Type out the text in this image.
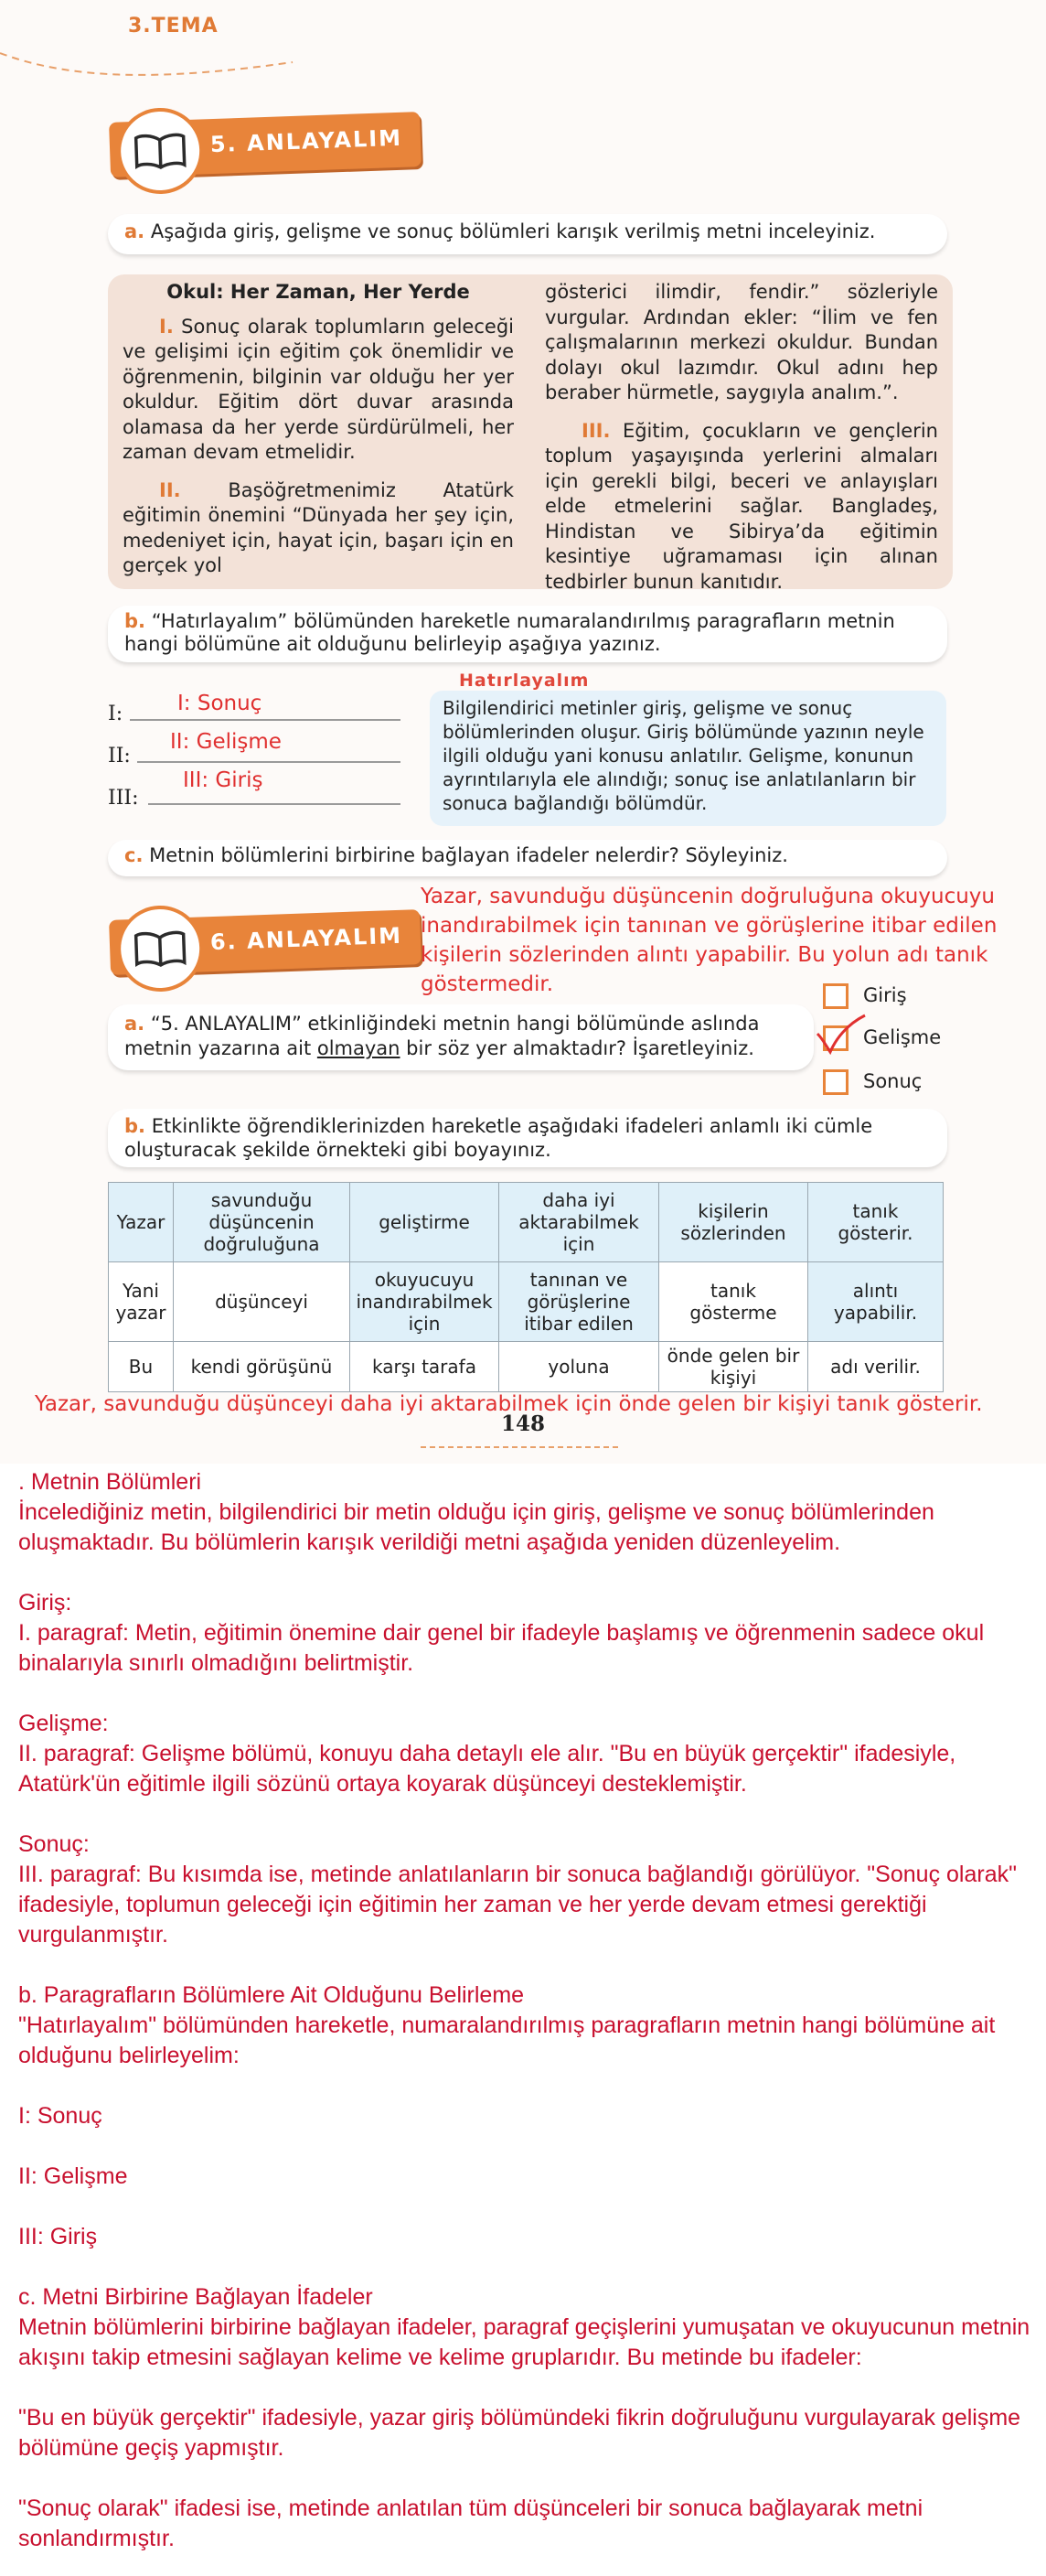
3.TEMA
5. ANLAYALIM
a. Aşağıda giriş, gelişme ve sonuç bölümleri karışık verilmiş metni inceleyiniz.
Okul: Her Zaman, Her Yerde
I. Sonuç olarak toplumların geleceği ve gelişimi için eğitim çok önemlidir ve öğrenmenin, bilginin var olduğu her yer okuldur. Eğitim dört duvar arasında olamasa da her yerde sürdürülmeli, her zaman devam etmelidir.
II. Başöğretmenimiz Atatürk eğitimin önemini “Dünyada her şey için, medeniyet için, hayat için, başarı için en gerçek yol
gösterici ilimdir, fendir.” sözleriyle vurgular. Ardından ekler: “İlim ve fen çalışmalarının merkezi okuldur. Bundan dolayı okul lazımdır. Okul adını hep beraber hürmetle, saygıyla analım.”.
III. Eğitim, çocukların ve gençlerin toplum yaşayışında yerlerini almaları için gerekli bilgi, beceri ve anlayışları elde etmelerini sağlar. Bangladeş, Hindistan ve Sibirya’da eğitimin kesintiye uğramaması için alınan tedbirler bunun kanıtıdır.
b. “Hatırlayalım” bölümünden hareketle numaralandırılmış paragrafların metnin hangi bölümüne ait olduğunu belirleyip aşağıya yazınız.
I:	I: Sonuç
II:
II: Gelişme
III:
III: Giriş
Hatırlayalım
Bilgilendirici metinler giriş, gelişme ve sonuç bölümlerinden oluşur. Giriş bölümünde yazının neyle ilgili olduğu yani konusu anlatılır. Gelişme, konunun ayrıntılarıyla ele alındığı; sonuç ise anlatılanların bir sonuca bağlandığı bölümdür.
c. Metnin bölümlerini birbirine bağlayan ifadeler nelerdir? Söyleyiniz.
6. ANLAYALIM
Yazar, savunduğu düşüncenin doğruluğuna okuyucuyu inandırabilmek için tanınan ve görüşlerine itibar edilen kişilerin sözlerinden alıntı yapabilir. Bu yolun adı tanık göstermedir.
a. “5. ANLAYALIM” etkinliğindeki metnin hangi bölümünde aslında metnin yazarına ait olmayan bir söz yer almaktadır? İşaretleyiniz.
Giriş
Gelişme
Sonuç
b. Etkinlikte öğrendiklerinizden hareketle aşağıdaki ifadeleri anlamlı iki cümle oluşturacak şekilde örnekteki gibi boyayınız.
Yazar	savunduğu düşüncenin doğruluğuna	geliştirme	daha iyi aktarabilmek için	kişilerin sözlerinden	tanık gösterir.
Yani yazar	düşünceyi	okuyucuyu inandırabilmek için	tanınan ve görüşlerine itibar edilen	tanık gösterme	alıntı yapabilir.
Bu	kendi görüşünü	karşı tarafa	yoluna	önde gelen bir kişiyi	adı verilir.
Yazar, savunduğu düşünceyi daha iyi aktarabilmek için önde gelen bir kişiyi tanık gösterir.
148
. Metnin Bölümleri
İncelediğiniz metin, bilgilendirici bir metin olduğu için giriş, gelişme ve sonuç bölümlerinden oluşmaktadır. Bu bölümlerin karışık verildiği metni aşağıda yeniden düzenleyelim.
Giriş:
I. paragraf: Metin, eğitimin önemine dair genel bir ifadeyle başlamış ve öğrenmenin sadece okul binalarıyla sınırlı olmadığını belirtmiştir.
Gelişme:
II. paragraf: Gelişme bölümü, konuyu daha detaylı ele alır. "Bu en büyük gerçektir" ifadesiyle, Atatürk'ün eğitimle ilgili sözünü ortaya koyarak düşünceyi desteklemiştir.
Sonuç:
III. paragraf: Bu kısımda ise, metinde anlatılanların bir sonuca bağlandığı görülüyor. "Sonuç olarak" ifadesiyle, toplumun geleceği için eğitimin her zaman ve her yerde devam etmesi gerektiği vurgulanmıştır.
b. Paragrafların Bölümlere Ait Olduğunu Belirleme
"Hatırlayalım" bölümünden hareketle, numaralandırılmış paragrafların metnin hangi bölümüne ait olduğunu belirleyelim:
I: Sonuç
II: Gelişme
III: Giriş
c. Metni Birbirine Bağlayan İfadeler
Metnin bölümlerini birbirine bağlayan ifadeler, paragraf geçişlerini yumuşatan ve okuyucunun metnin akışını takip etmesini sağlayan kelime ve kelime gruplarıdır. Bu metinde bu ifadeler:
"Bu en büyük gerçektir" ifadesiyle, yazar giriş bölümündeki fikrin doğruluğunu vurgulayarak gelişme bölümüne geçiş yapmıştır.
"Sonuç olarak" ifadesi ise, metinde anlatılan tüm düşünceleri bir sonuca bağlayarak metni sonlandırmıştır.
